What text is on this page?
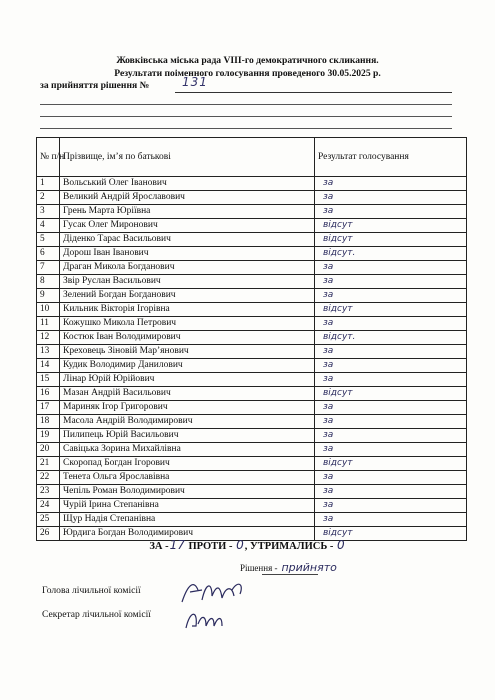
Жовківська міська рада VIII-го демократичного скликання.
Результати поіменного голосування проведеного 30.05.2025 р.
за прийняття рішення №	131
№ п/н	Прізвище, ім’я по батькові	Результат голосування
1	Вольський Олег Іванович	за
2	Великий Андрій Ярославович	за
3	Грень Марта Юріївна	за
4	Гусак Олег Миронович	відсут
5	Діденко Тарас Васильович	відсут
6	Дорош Іван Іванович	відсут.
7	Драган Микола Богданович	за
8	Звір Руслан Васильович	за
9	Зелений Богдан Богданович	за
10	Кильник Вікторія Ігорівна	відсут
11	Кожушко Микола Петрович	за
12	Костюк Іван Володимирович	відсут.
13	Креховець Зіновій Мар’янович	за
14	Кудик Володимир Данилович	за
15	Лінар Юрій Юрійович	за
16	Мазан Андрій Васильович	відсут
17	Мариняк Ігор Григорович	за
18	Масола Андрій Володимирович	за
19	Пилипець Юрій Васильович	за
20	Савіцька Зорина Михайлівна	за
21	Скоропад Богдан Ігорович	відсут
22	Тенета Ольга Ярославівна	за
23	Чепіль Роман Володимирович	за
24	Чурій Ірина Степанівна	за
25	Щур Надія Степанівна	за
26	Юрдига Богдан Володимирович	відсут
ЗА -17 ПРОТИ - 0, УТРИМАЛИСЬ - 0
Рішення - прийнято
Голова лічильної комісії
Секретар лічильної комісії
